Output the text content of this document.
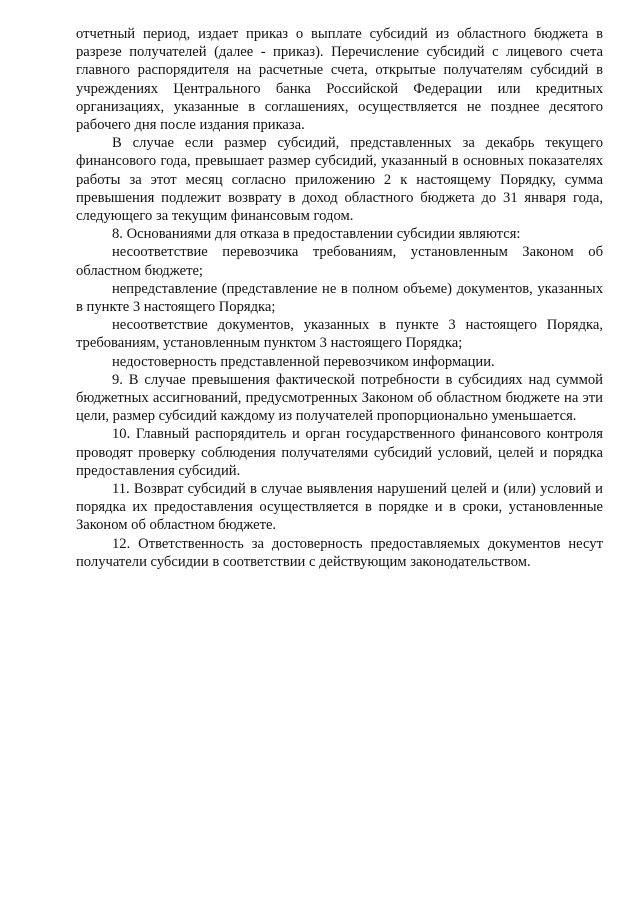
отчетный период, издает приказ о выплате субсидий из областного бюджета в разрезе получателей (далее - приказ). Перечисление субсидий с лицевого счета главного распорядителя на расчетные счета, открытые получателям субсидий в учреждениях Центрального банка Российской Федерации или кредитных организациях, указанные в соглашениях, осуществляется не позднее десятого рабочего дня после издания приказа.

В случае если размер субсидий, представленных за декабрь текущего финансового года, превышает размер субсидий, указанный в основных показателях работы за этот месяц согласно приложению 2 к настоящему Порядку, сумма превышения подлежит возврату в доход областного бюджета до 31 января года, следующего за текущим финансовым годом.

8. Основаниями для отказа в предоставлении субсидии являются:

несоответствие перевозчика требованиям, установленным Законом об областном бюджете;

непредставление (представление не в полном объеме) документов, указанных в пункте 3 настоящего Порядка;

несоответствие документов, указанных в пункте 3 настоящего Порядка, требованиям, установленным пунктом 3 настоящего Порядка;

недостоверность представленной перевозчиком информации.

9. В случае превышения фактической потребности в субсидиях над суммой бюджетных ассигнований, предусмотренных Законом об областном бюджете на эти цели, размер субсидий каждому из получателей пропорционально уменьшается.

10. Главный распорядитель и орган государственного финансового контроля проводят проверку соблюдения получателями субсидий условий, целей и порядка предоставления субсидий.

11. Возврат субсидий в случае выявления нарушений целей и (или) условий и порядка их предоставления осуществляется в порядке и в сроки, установленные Законом об областном бюджете.

12. Ответственность за достоверность предоставляемых документов несут получатели субсидии в соответствии с действующим законодательством.
